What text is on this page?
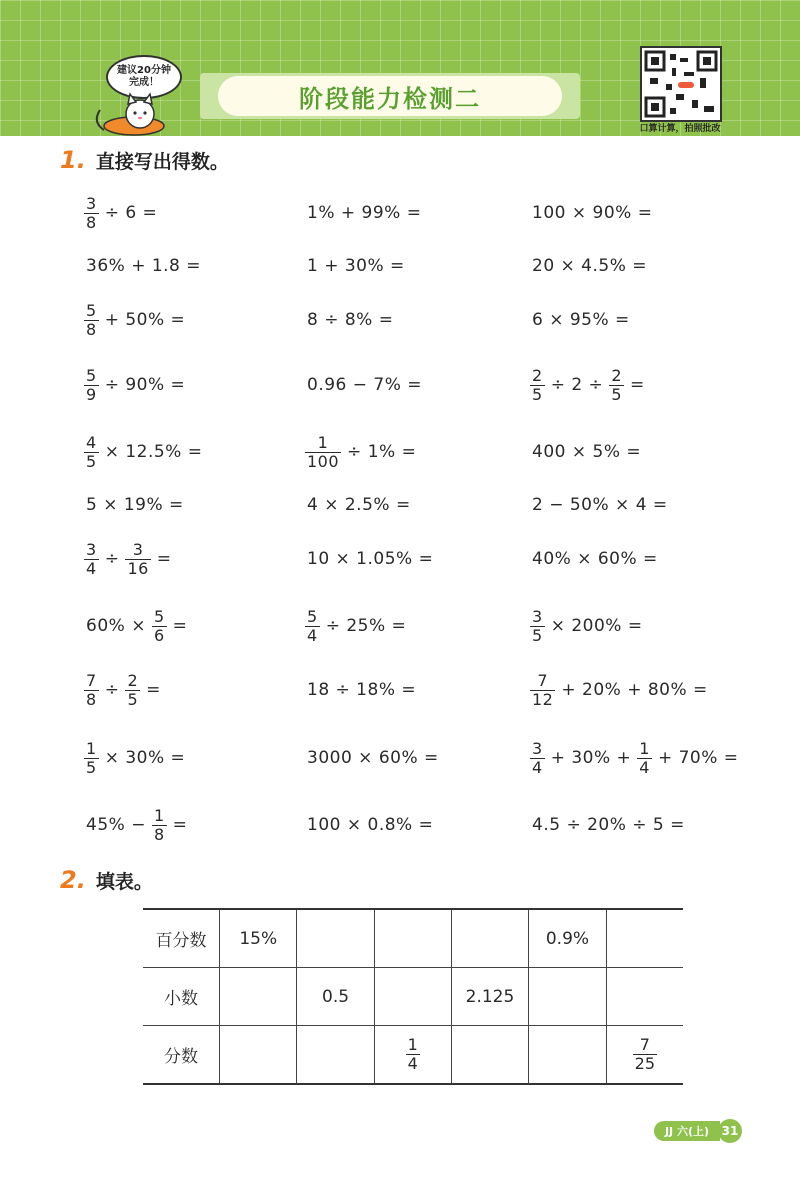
阶段能力检测二
建议20分钟
完成！
口算计算，拍照批改
1. 直接写出得数。
$\frac{3}{8} \div 6$ =	1% + 99% =	100 × 90% =
36% + 1.8 =	1 + 30% =	20 × 4.5% =
$\frac{5}{8} + 50\%$ =	8 ÷ 8% =	6 × 95% =
$\frac{5}{9} \div 90\%$ =	0.96 − 7% =	$\frac{2}{5} \div 2 \div \frac{2}{5}$ =
$\frac{4}{5} \times 12.5\%$ =	$\frac{1}{100} \div 1\%$ =	400 × 5% =
5 × 19% =	4 × 2.5% =	2 − 50% × 4 =
$\frac{3}{4} \div \frac{3}{16}$ =	10 × 1.05% =	40% × 60% =
$60\% \times \frac{5}{6}$ =	$\frac{5}{4} \div 25\%$ =	$\frac{3}{5} \times 200\%$ =
$\frac{7}{8} \div \frac{2}{5}$ =	18 ÷ 18% =	$\frac{7}{12} + 20\% + 80\%$ =
$\frac{1}{5} \times 30\%$ =	3000 × 60% =	$\frac{3}{4} + 30\% + \frac{1}{4} + 70\%$ =
$45\% - \frac{1}{8}$ =	100 × 0.8% =	4.5 ÷ 20% ÷ 5 =
2. 填表。
百分数	15%				0.9%	
小数		0.5		2.125		
分数			$\frac{1}{4}$			$\frac{7}{25}$
JJ 六(上)	31
